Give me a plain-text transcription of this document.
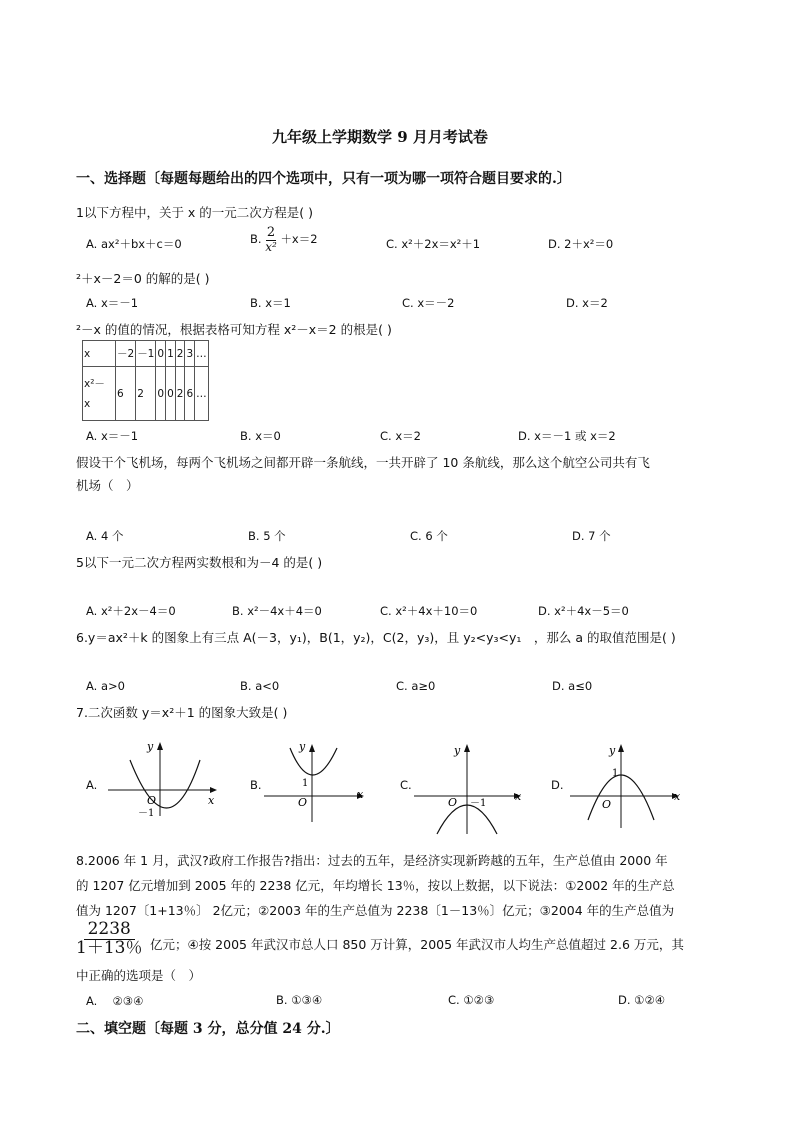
九年级上学期数学 9 月月考试卷
一、选择题〔每题每题给出的四个选项中，只有一项为哪一项符合题目要求的.〕
1以下方程中，关于 x 的一元二次方程是( )
A. ax²＋bx＋c＝0	B. $\frac{2}{\text{x²}} +x=2$	C. x²＋2x＝x²＋1	D. 2＋x²＝0
²＋x－2＝0 的解的是( )
A. x＝－1	B. x＝1	C. x＝－2	D. x＝2
²－x 的值的情况，根据表格可知方程 x²－x＝2 的根是( )
x	－2	－1	0	1	2	3	…
x²－
x	6	2	0	0	2	6	…
A. x＝－1	B. x＝0	C. x＝2	D. x＝－1 或 x＝2
假设干个飞机场，每两个飞机场之间都开辟一条航线，一共开辟了 10 条航线，那么这个航空公司共有飞
机场（　）
A. 4 个	B. 5 个	C. 6 个	D. 7 个
5以下一元二次方程两实数根和为－4 的是( )
A. x²＋2x－4＝0	B. x²－4x＋4＝0	C. x²＋4x＋10＝0	D. x²＋4x－5＝0
6.y＝ax²＋k 的图象上有三点 A(－3，y₁)，B(1，y₂)，C(2，y₃)，且 y₂<y₃<y₁　，那么 a 的取值范围是( )
A. a>0	B. a<0	C. a≥0	D. a≤0
7.二次函数 y＝x²＋1 的图象大致是( )
A.	B.	C.	D.
y
x
O
－1
y
x
O
1
y
x
O －1
y
x
O
1
8.2006 年 1 月，武汉?政府工作报告?指出：过去的五年，是经济实现新跨越的五年，生产总值由 2000 年
的 1207 亿元增加到 2005 年的 2238 亿元，年均增长 13％，按以上数据，以下说法：①2002 年的生产总
值为 1207〔1+13％〕 2亿元；②2003 年的生产总值为 2238〔1－13％〕亿元；③2004 年的生产总值为
$\frac{2238}{1+13\%}$ 亿元；④按 2005 年武汉市总人口 850 万计算，2005 年武汉市人均生产总值超过 2.6 万元，其
中正确的选项是（　）
A.　 ②③④	B. ①③④	C. ①②③	D. ①②④
二、填空题〔每题 3 分，总分值 24 分.〕
